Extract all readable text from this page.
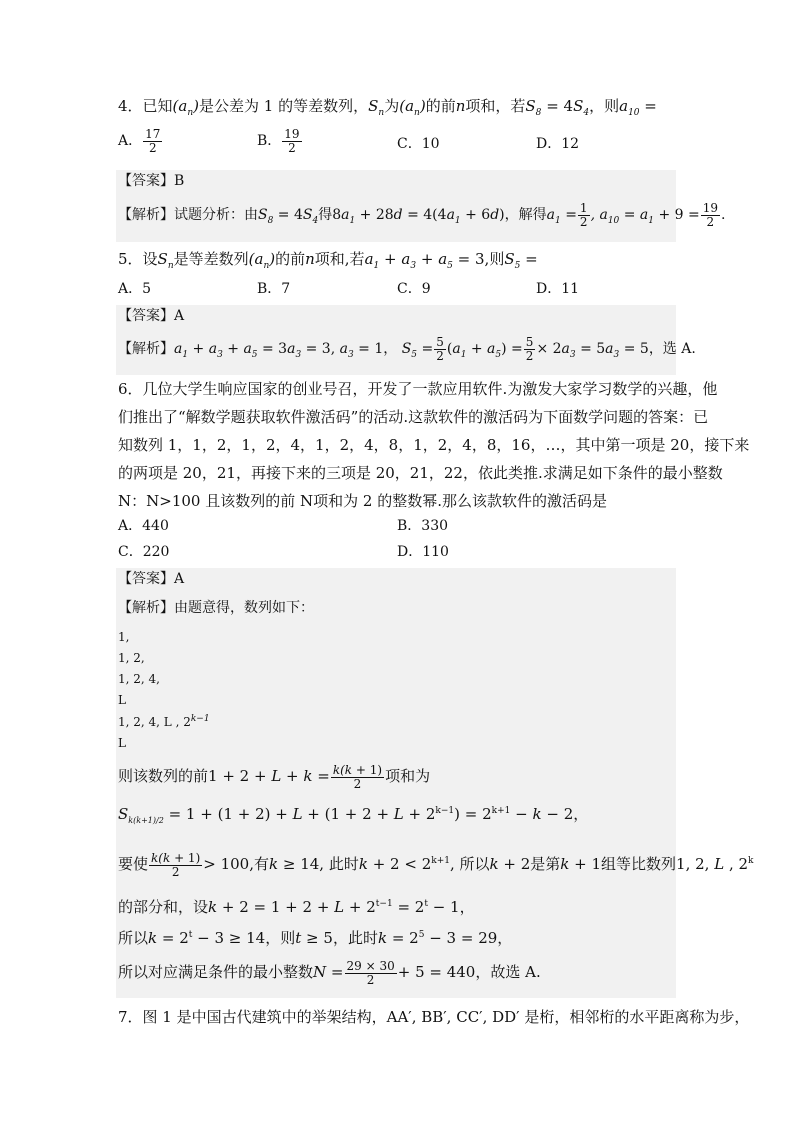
4．已知$(a_n)$是公差为 1 的等差数列，$S_n$为$(a_n)$的前n项和，若$S_8 = 4S_4$，则$a_{10}$ =
A． $\frac{17}{2}$	B． $\frac{19}{2}$	C．10	D．12
【答案】B
【解析】试题分析：由$S_8 = 4S_4$得$8a_1 + 28d = 4(4a_1 + 6d)$，解得$a_1 = \frac{1}{2}$ , $a_{10} = a_1 + 9 = \frac{19}{2}$ .
5．设$S_n$是等差数列$(a_n)$的前n项和,若$a_1 + a_3 + a_5 = 3$,则$S_5$ =
A．5	B．7	C．9	D．11
【答案】A
【解析】$a_1 + a_3 + a_5 = 3a_3 = 3$, $a_3 = 1$， $S_5 = \frac{5}{2} (a_1 + a_5) = \frac{5}{2} \times 2a_3 = 5a_3 = 5$，选 A.
6．几位大学生响应国家的创业号召，开发了一款应用软件.为激发大家学习数学的兴趣，他
们推出了“解数学题获取软件激活码”的活动.这款软件的激活码为下面数学问题的答案：已
知数列 1，1，2，1，2，4，1，2，4，8，1，2，4，8，16，…，其中第一项是 20，接下来
的两项是 20，21，再接下来的三项是 20，21，22，依此类推.求满足如下条件的最小整数
N：N>100 且该数列的前 N项和为 2 的整数幂.那么该款软件的激活码是
A．440	B．330
C．220	D．110
【答案】A
【解析】由题意得，数列如下：
1,
1, 2,
1, 2, 4,
L
1, 2, 4, L , $2^{k-1}$
L
则该数列的前$1 + 2 + L + k = \frac{k(k + 1)}{2}$ 项和为
$S_{k(k+1)/2} = 1 + (1 + 2) + L + (1 + 2 + L + 2^{k-1}) = 2^{k+1} - k - 2$，
要使 $\frac{k(k + 1)}{2} > 100$,有k ≥ 14, 此时$k + 2 < 2^{k+1}$, 所以k + 2是第k + 1组等比数列1, 2, L , 2$^k$
的部分和，设$k + 2 = 1 + 2 + L + 2^{t-1} = 2^t - 1$，
所以$k = 2^t - 3 \ge 14$，则t ≥ 5，此时$k = 2^5 - 3 = 29$，
所以对应满足条件的最小整数$N = \frac{29 \times 30}{2} + 5 = 440$，故选 A.
7．图 1 是中国古代建筑中的举架结构，AA′, BB′, CC′, DD′ 是桁，相邻桁的水平距离称为步，
